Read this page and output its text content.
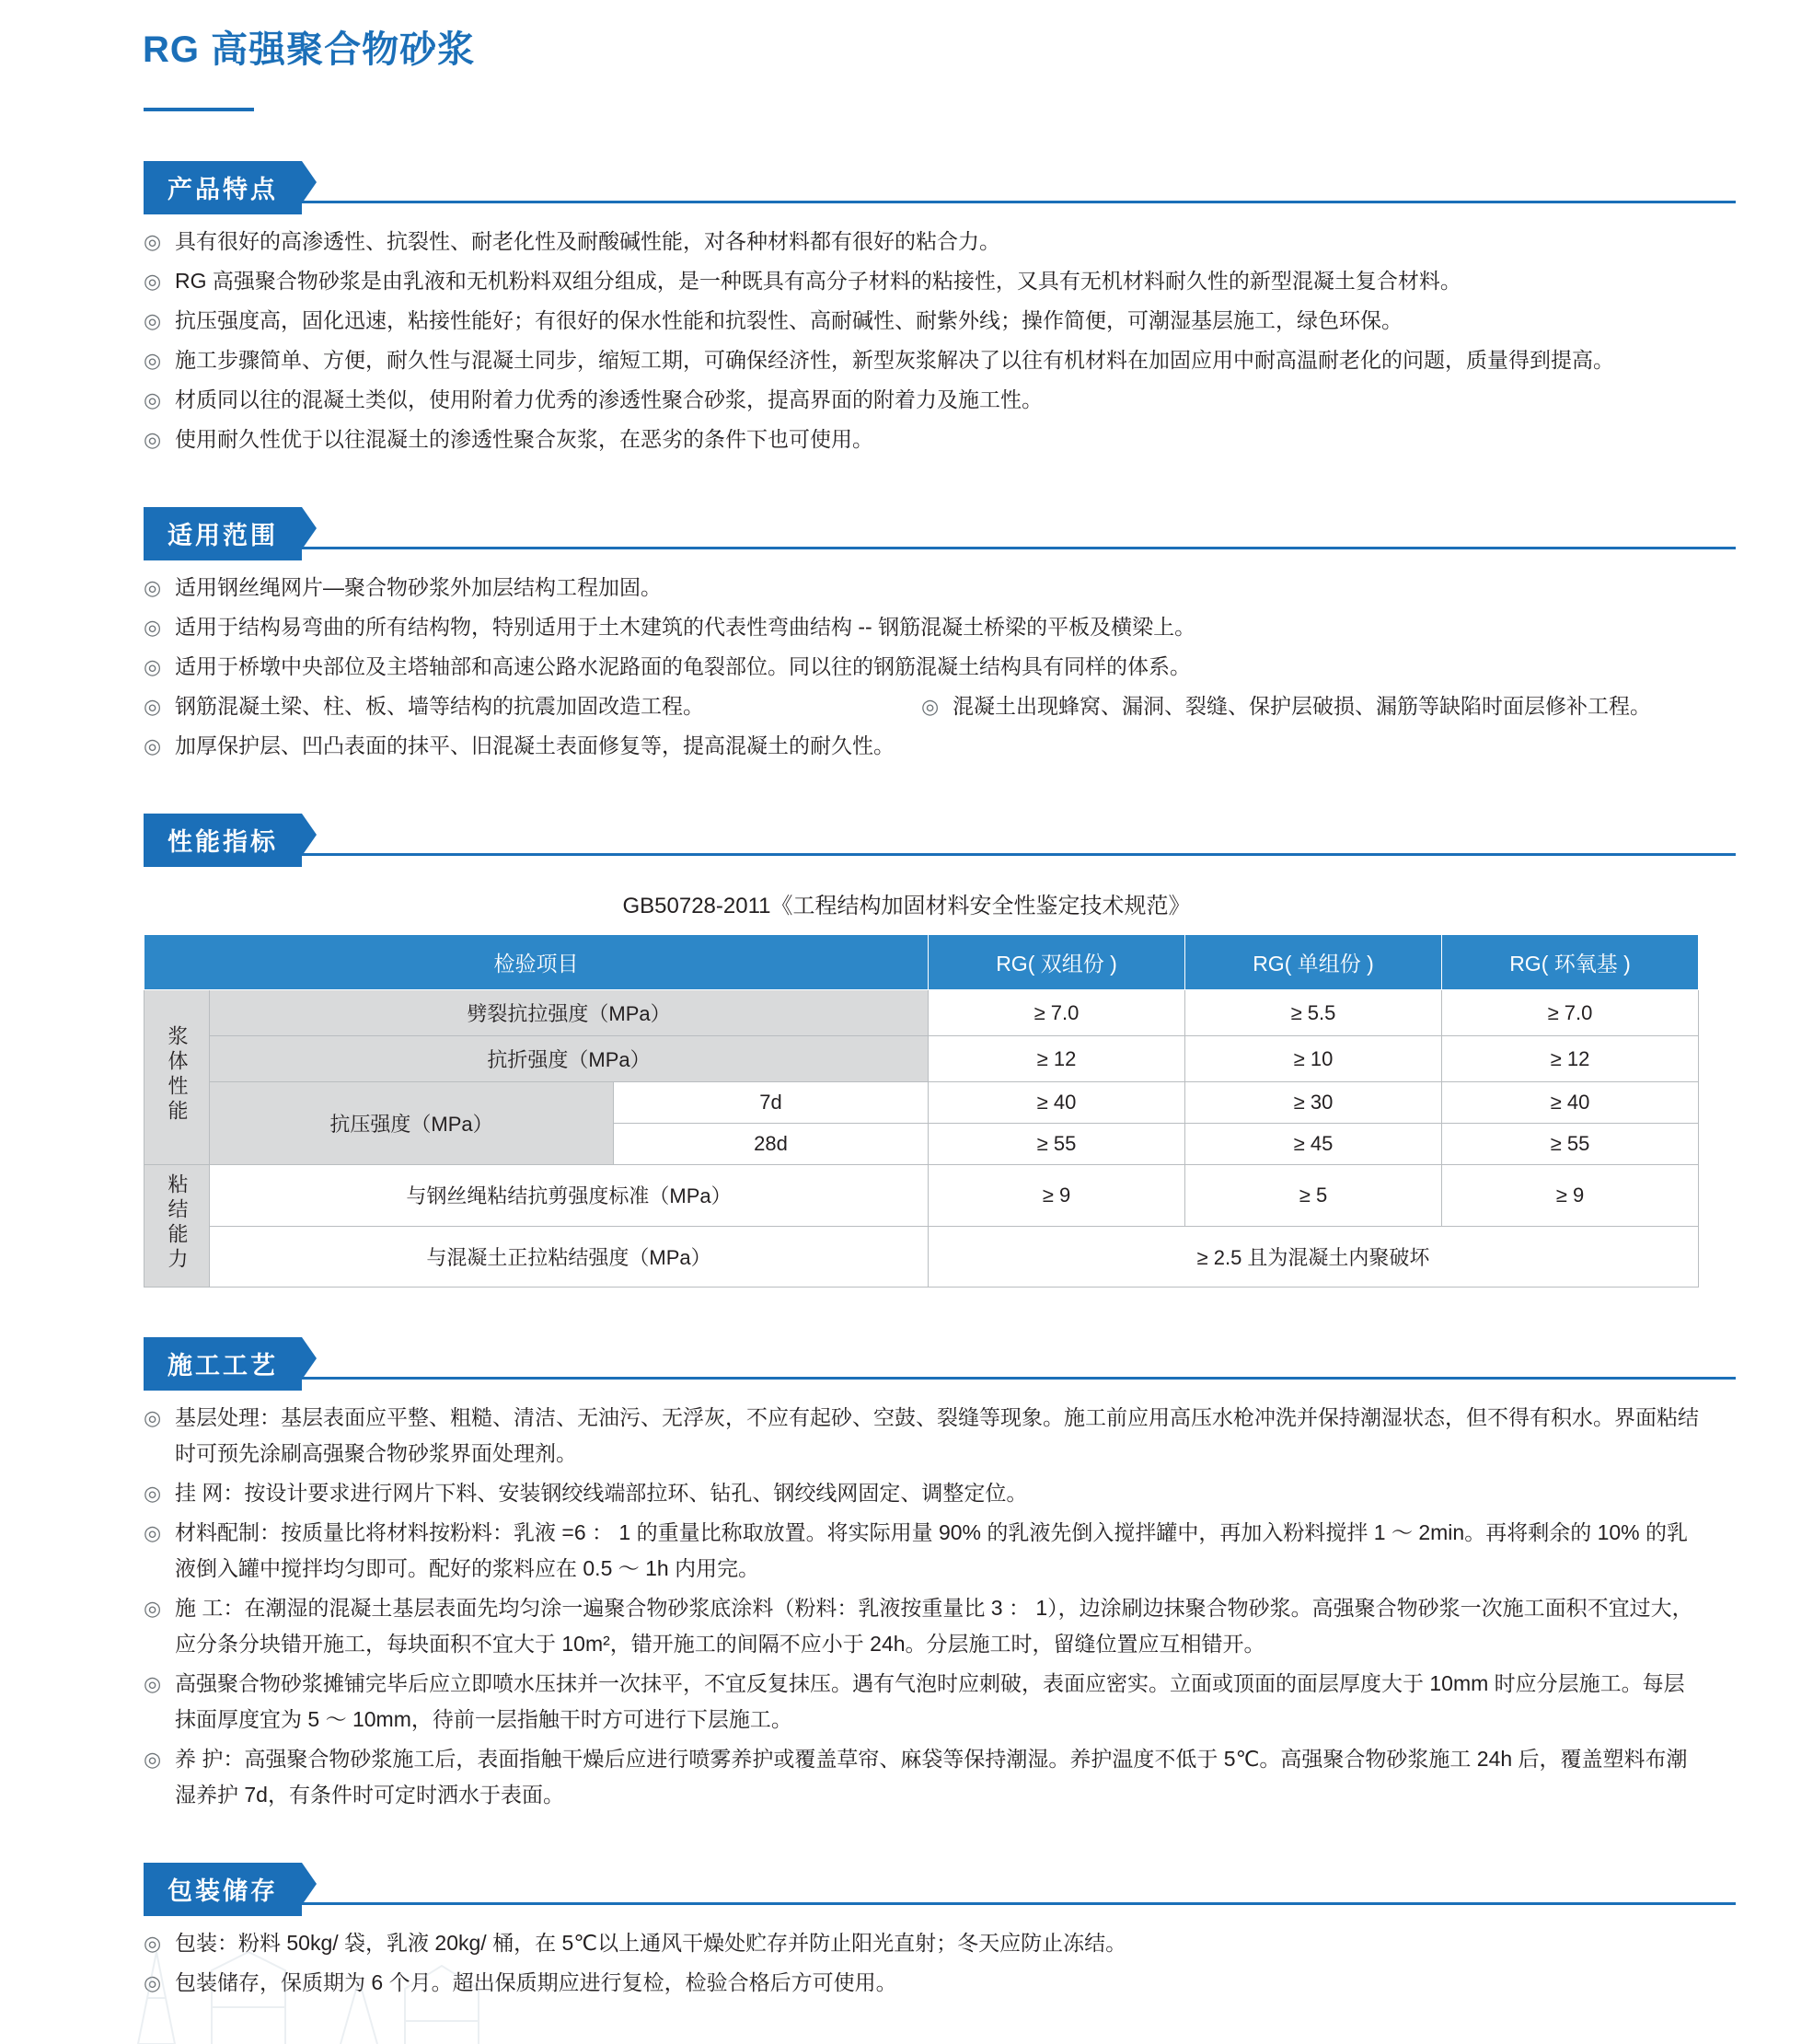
RG 高强聚合物砂浆
产品特点
◎ 具有很好的高渗透性、抗裂性、耐老化性及耐酸碱性能，对各种材料都有很好的粘合力。
◎ RG 高强聚合物砂浆是由乳液和无机粉料双组分组成，是一种既具有高分子材料的粘接性，又具有无机材料耐久性的新型混凝土复合材料。
◎ 抗压强度高，固化迅速，粘接性能好；有很好的保水性能和抗裂性、高耐碱性、耐紫外线；操作简便，可潮湿基层施工，绿色环保。
◎ 施工步骤简单、方便，耐久性与混凝土同步，缩短工期，可确保经济性，新型灰浆解决了以往有机材料在加固应用中耐高温耐老化的问题，质量得到提高。
◎ 材质同以往的混凝土类似，使用附着力优秀的渗透性聚合砂浆，提高界面的附着力及施工性。
◎ 使用耐久性优于以往混凝土的渗透性聚合灰浆，在恶劣的条件下也可使用。
适用范围
◎ 适用钢丝绳网片—聚合物砂浆外加层结构工程加固。
◎ 适用于结构易弯曲的所有结构物，特别适用于土木建筑的代表性弯曲结构 -- 钢筋混凝土桥梁的平板及横梁上。
◎ 适用于桥墩中央部位及主塔轴部和高速公路水泥路面的龟裂部位。同以往的钢筋混凝土结构具有同样的体系。
◎ 钢筋混凝土梁、柱、板、墙等结构的抗震加固改造工程。	◎ 混凝土出现蜂窝、漏洞、裂缝、保护层破损、漏筋等缺陷时面层修补工程。
◎ 加厚保护层、凹凸表面的抹平、旧混凝土表面修复等，提高混凝土的耐久性。
性能指标
GB50728-2011《工程结构加固材料安全性鉴定技术规范》
检验项目			RG( 双组份 )	RG( 单组份 )	RG( 环氧基 )
浆体性能	劈裂抗拉强度（MPa）		≥ 7.0	≥ 5.5	≥ 7.0
	抗折强度（MPa）		≥ 12	≥ 10	≥ 12
	抗压强度（MPa）	7d	≥ 40	≥ 30	≥ 40
		28d	≥ 55	≥ 45	≥ 55
粘结能力	与钢丝绳粘结抗剪强度标准（MPa）		≥ 9	≥ 5	≥ 9
	与混凝土正拉粘结强度（MPa）		≥ 2.5 且为混凝土内聚破坏		
施工工艺
◎ 基层处理：基层表面应平整、粗糙、清洁、无油污、无浮灰，不应有起砂、空鼓、裂缝等现象。施工前应用高压水枪冲洗并保持潮湿状态，但不得有积水。界面粘结时可预先涂刷高强聚合物砂浆界面处理剂。
◎ 挂 网：按设计要求进行网片下料、安装钢绞线端部拉环、钻孔、钢绞线网固定、调整定位。
◎ 材料配制：按质量比将材料按粉料：乳液 =6 ： 1 的重量比称取放置。将实际用量 90% 的乳液先倒入搅拌罐中，再加入粉料搅拌 1 ～ 2min。再将剩余的 10% 的乳液倒入罐中搅拌均匀即可。配好的浆料应在 0.5 ～ 1h 内用完。
◎ 施 工：在潮湿的混凝土基层表面先均匀涂一遍聚合物砂浆底涂料（粉料：乳液按重量比 3 ： 1），边涂刷边抹聚合物砂浆。高强聚合物砂浆一次施工面积不宜过大，应分条分块错开施工，每块面积不宜大于 10m²，错开施工的间隔不应小于 24h。分层施工时，留缝位置应互相错开。
◎ 高强聚合物砂浆摊铺完毕后应立即喷水压抹并一次抹平，不宜反复抹压。遇有气泡时应刺破，表面应密实。立面或顶面的面层厚度大于 10mm 时应分层施工。每层抹面厚度宜为 5 ～ 10mm，待前一层指触干时方可进行下层施工。
◎ 养 护：高强聚合物砂浆施工后，表面指触干燥后应进行喷雾养护或覆盖草帘、麻袋等保持潮湿。养护温度不低于 5℃。高强聚合物砂浆施工 24h 后，覆盖塑料布潮湿养护 7d，有条件时可定时洒水于表面。
包装储存
◎ 包装：粉料 50kg/ 袋，乳液 20kg/ 桶，在 5℃以上通风干燥处贮存并防止阳光直射；冬天应防止冻结。
◎ 包装储存，保质期为 6 个月。超出保质期应进行复检，检验合格后方可使用。
